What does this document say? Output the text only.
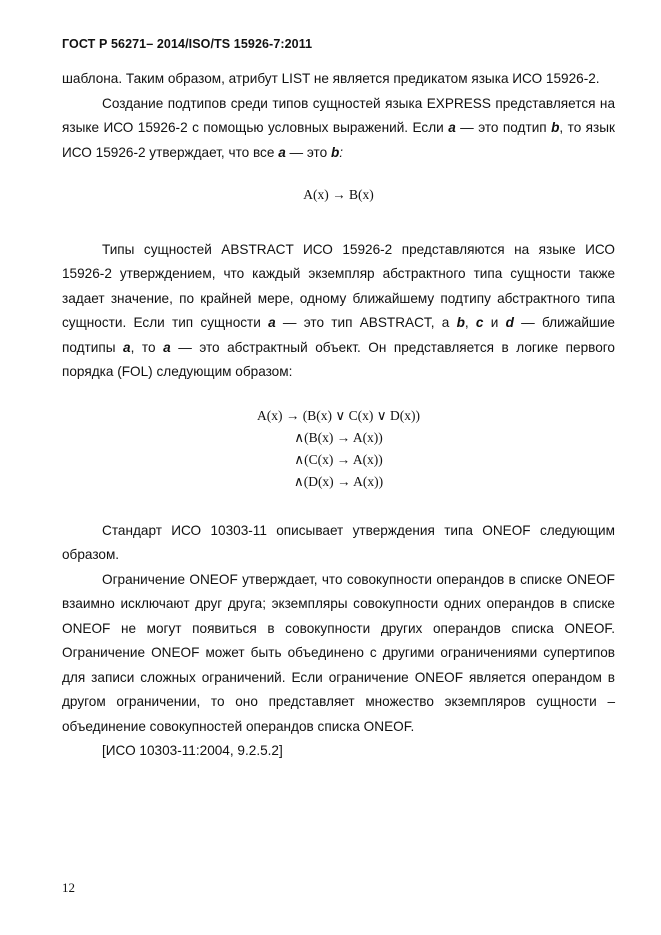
ГОСТ Р 56271– 2014/ISO/TS 15926-7:2011

шаблона. Таким образом, атрибут LIST не является предикатом языка ИСО 15926-2.

Создание подтипов среди типов сущностей языка EXPRESS представляется на языке ИСО 15926-2 с помощью условных выражений. Если a — это подтип b, то язык ИСО 15926-2 утверждает, что все a — это b:

A(x) → B(x)

Типы сущностей ABSTRACT ИСО 15926-2 представляются на языке ИСО 15926-2 утверждением, что каждый экземпляр абстрактного типа сущности также задает значение, по крайней мере, одному ближайшему подтипу абстрактного типа сущности. Если тип сущности a — это тип ABSTRACT, а b, c и d — ближайшие подтипы a, то a — это абстрактный объект. Он представляется в логике первого порядка (FOL) следующим образом:

A(x) → (B(x) ∨ C(x) ∨ D(x))
∧(B(x) → A(x))
∧(C(x) → A(x))
∧(D(x) → A(x))

Стандарт ИСО 10303-11 описывает утверждения типа ONEOF следующим образом.

Ограничение ONEOF утверждает, что совокупности операндов в списке ONEOF взаимно исключают друг друга; экземпляры совокупности одних операндов в списке ONEOF не могут появиться в совокупности других операндов списка ONEOF. Ограничение ONEOF может быть объединено с другими ограничениями супертипов для записи сложных ограничений. Если ограничение ONEOF является операндом в другом ограничении, то оно представляет множество экземпляров сущности – объединение совокупностей операндов списка ONEOF.

[ИСО 10303-11:2004, 9.2.5.2]

12
